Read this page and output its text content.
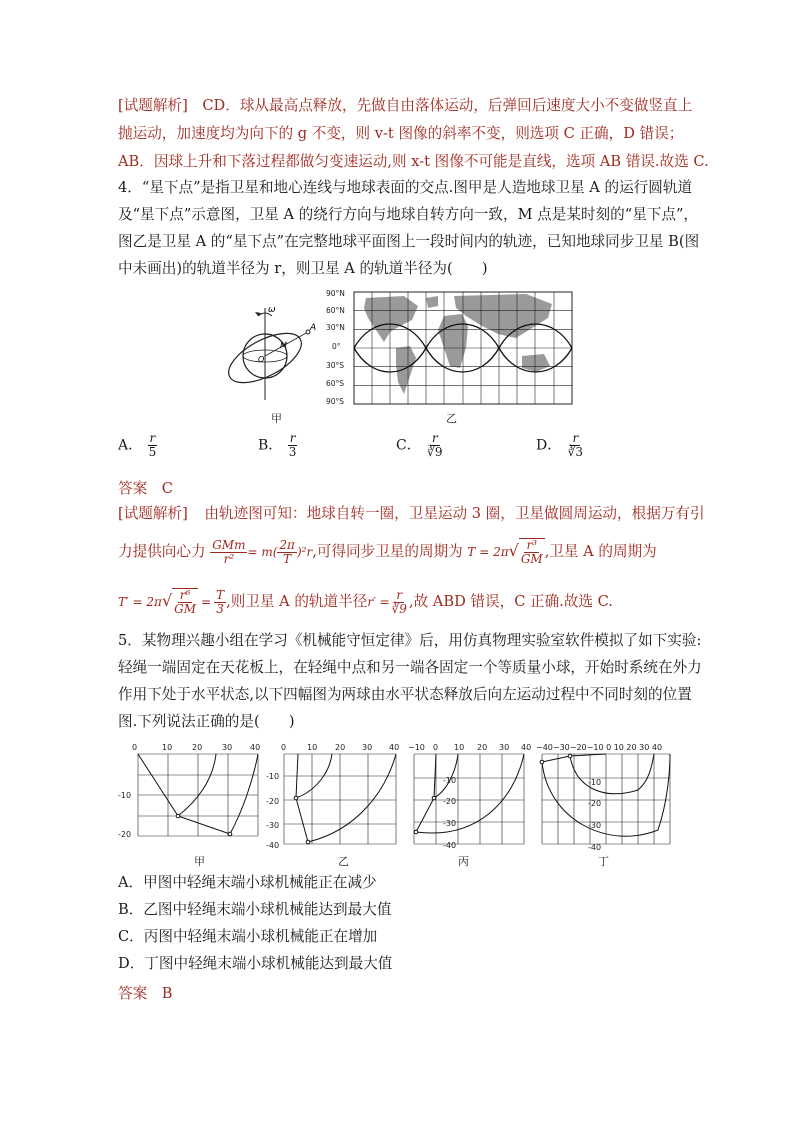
[试题解析]　CD．球从最高点释放，先做自由落体运动，后弹回后速度大小不变做竖直上
抛运动，加速度均为向下的 g 不变，则 v-t 图像的斜率不变，则选项 C 正确，D 错误；
AB．因球上升和下落过程都做匀变速运动,则 x-t 图像不可能是直线，选项 AB 错误.故选 C.
4．“星下点”是指卫星和地心连线与地球表面的交点.图甲是人造地球卫星 A 的运行圆轨道
及“星下点”示意图，卫星 A 的绕行方向与地球自转方向一致，M 点是某时刻的“星下点”，
图乙是卫星 A 的“星下点”在完整地球平面图上一段时间内的轨迹，已知地球同步卫星 B(图
中未画出)的轨道半径为 r，则卫星 A 的轨道半径为(　　)
ω
A
M
O
甲
90°N
60°N
30°N
0°
30°S
60°S
90°S
乙
A． $\frac{r}{5}$	B． $\frac{r}{3}$	C． $\frac{r}{∛9}$	D． $\frac{r}{∛3}$
答案　C
[试题解析] 由轨迹图可知：地球自转一圈，卫星运动 3 圈，卫星做圆周运动，根据万有引
力提供向心力 $\frac{\text{GMm}}{\text{r²}} = m( \frac{2\pi}{T} )^2r$,可得同步卫星的周期为 $T = 2\pi√ \frac{\text{r³}}{GM}$ ,卫星 A 的周期为
$T' = 2\pi√ \frac{\text{r⁶}}{GM} = \frac{T}{3}$ ,则卫星 A 的轨道半径$r' = \frac{r}{∛9}$ ,故 ABD 错误，C 正确.故选 C.
5．某物理兴趣小组在学习《机械能守恒定律》后，用仿真物理实验室软件模拟了如下实验:
轻绳一端固定在天花板上，在轻绳中点和另一端各固定一个等质量小球，开始时系统在外力
作用下处于水平状态,以下四幅图为两球由水平状态释放后向左运动过程中不同时刻的位置
图.下列说法正确的是(　　)
0	10 20 30 40
-10
-20
0	10 20 30 40
-10
-20
-30
-40
−10 0 10 20 30 40
-10
-20
-30
-40
−40−30−20−10 0 10 20 30 40
-10
-20
-30
-40
甲	乙	丙	丁
A．甲图中轻绳末端小球机械能正在减少
B．乙图中轻绳末端小球机械能达到最大值
C．丙图中轻绳末端小球机械能正在增加
D．丁图中轻绳末端小球机械能达到最大值
答案　B
